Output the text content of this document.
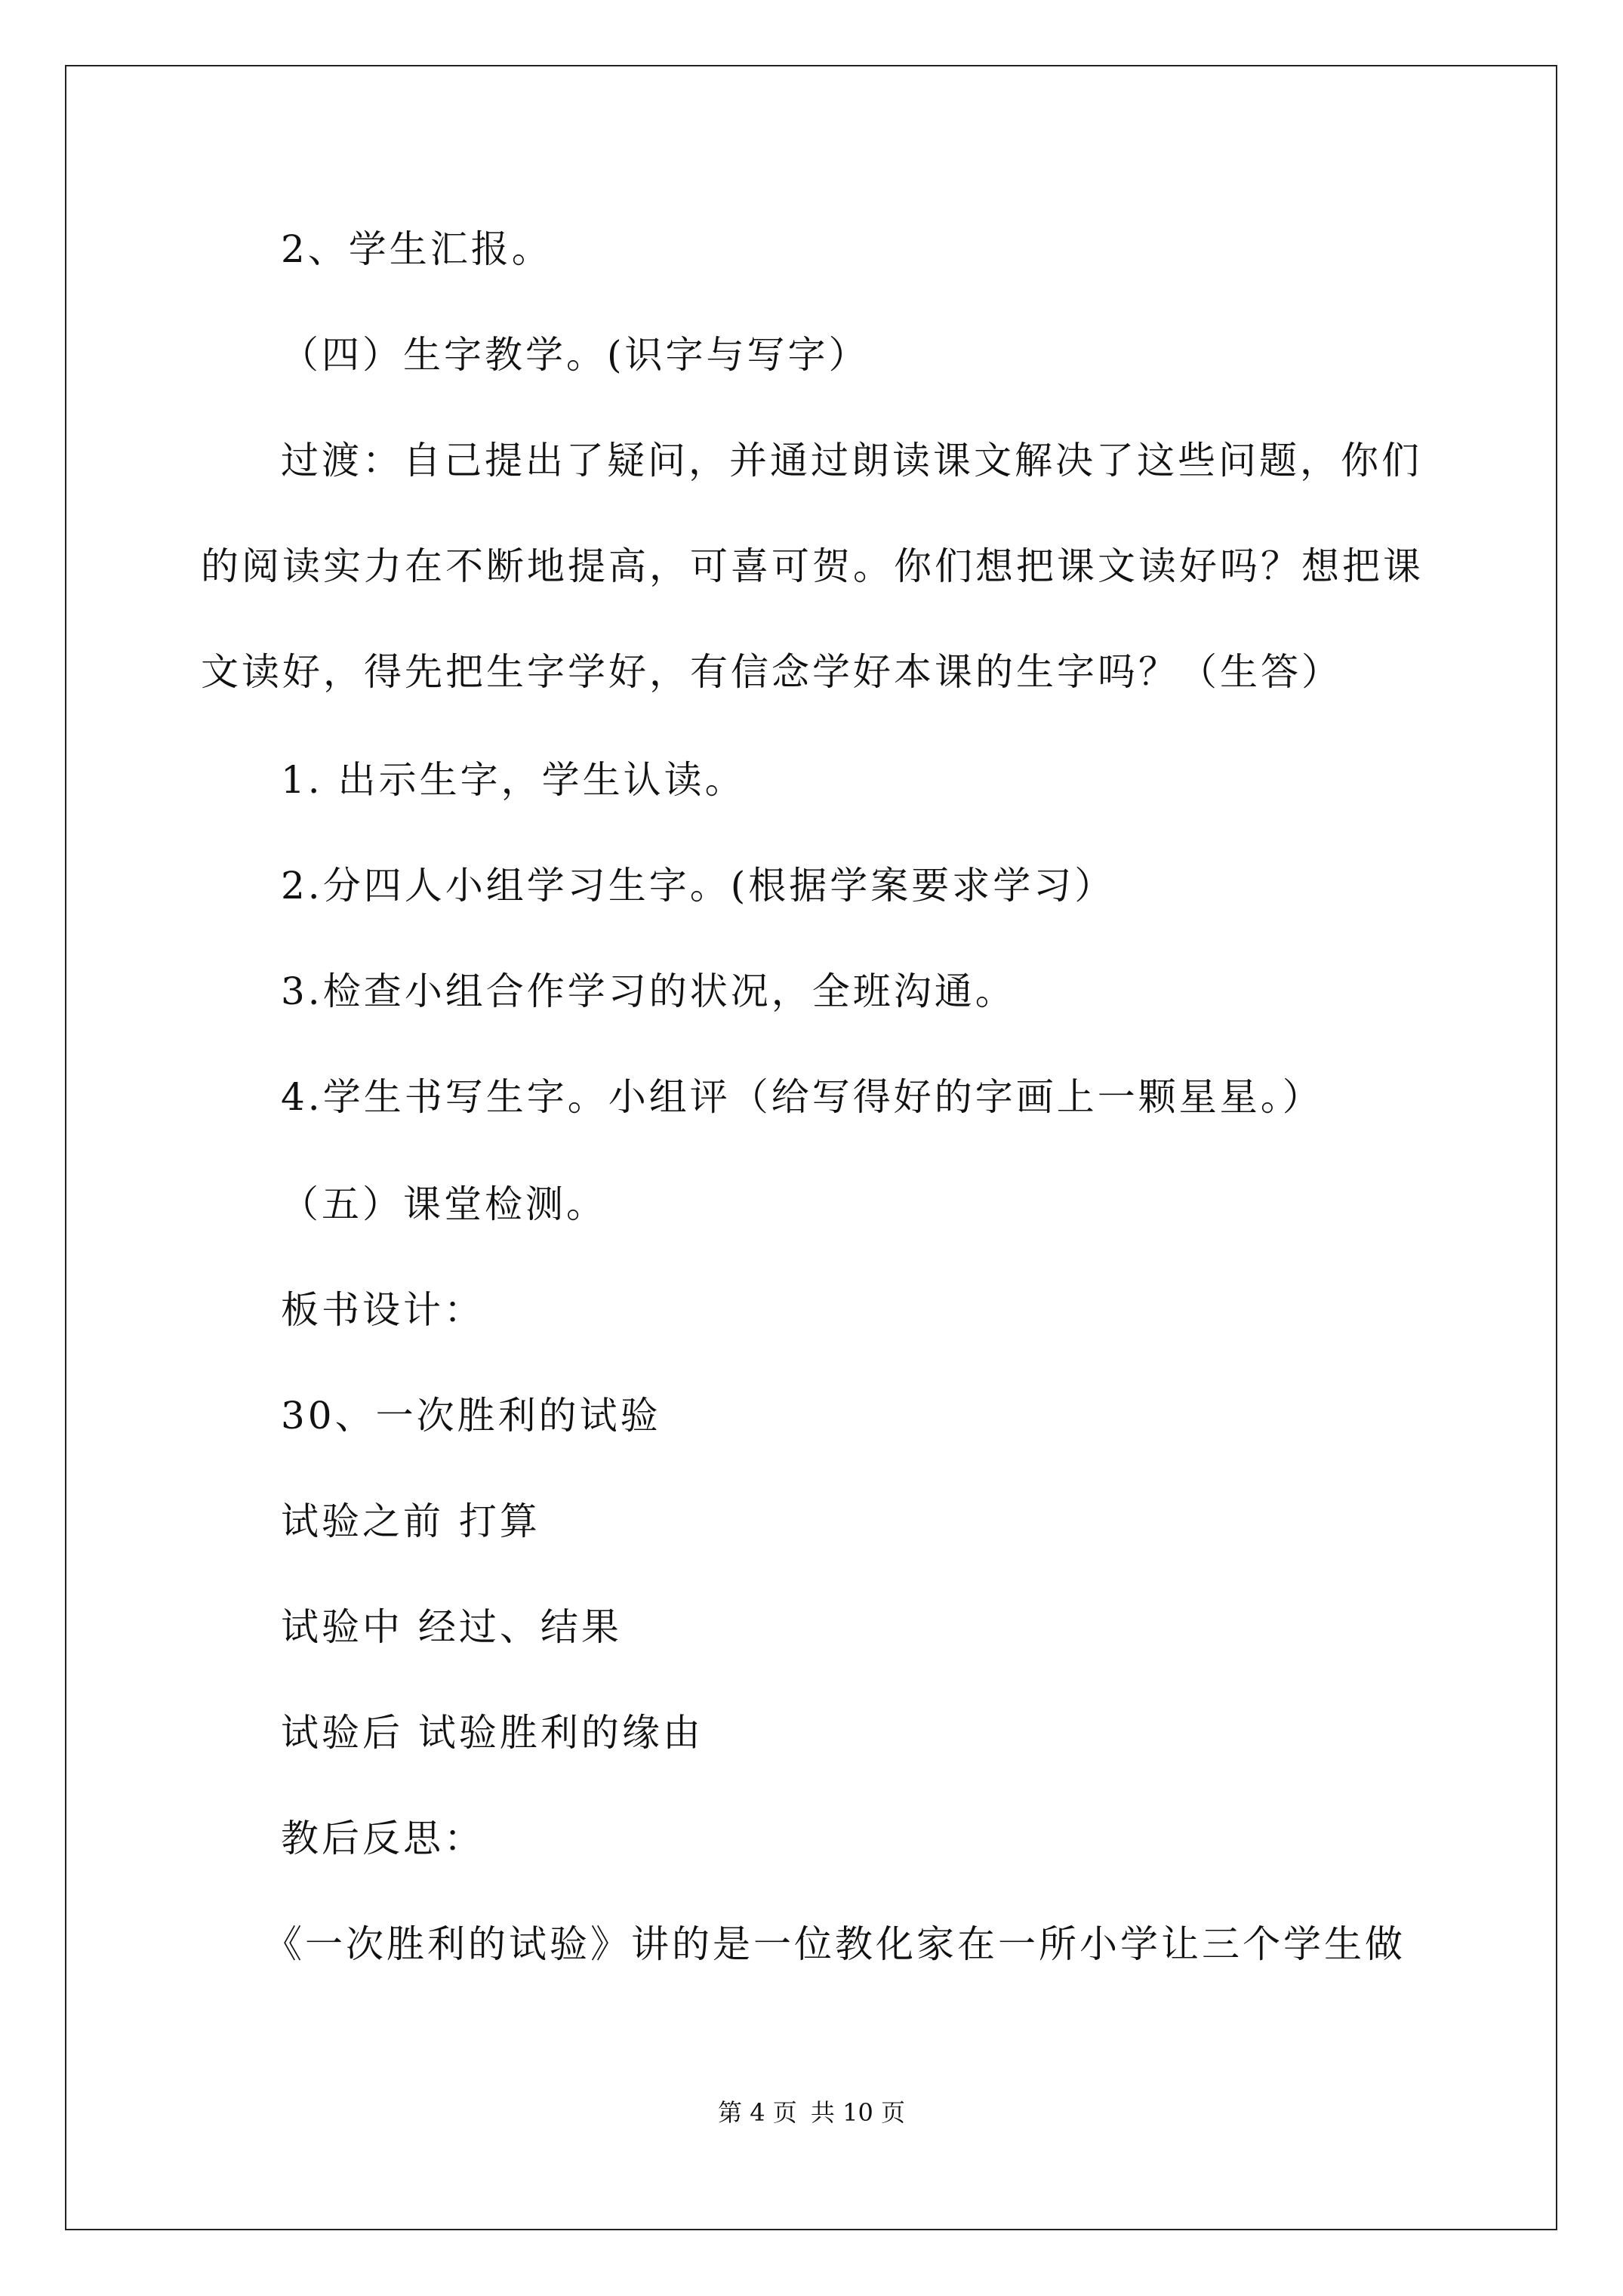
2、学生汇报。
（四）生字教学。(识字与写字）
过渡：自己提出了疑问，并通过朗读课文解决了这些问题，你们
的阅读实力在不断地提高，可喜可贺。你们想把课文读好吗？想把课
文读好，得先把生字学好，有信念学好本课的生字吗？（生答）
1. 出示生字，学生认读。
2.分四人小组学习生字。(根据学案要求学习）
3.检查小组合作学习的状况，全班沟通。
4.学生书写生字。小组评（给写得好的字画上一颗星星。）
（五）课堂检测。
板书设计：
30、一次胜利的试验
试验之前 打算
试验中 经过、结果
试验后 试验胜利的缘由
教后反思：
《一次胜利的试验》讲的是一位教化家在一所小学让三个学生做
第 4 页 共 10 页
